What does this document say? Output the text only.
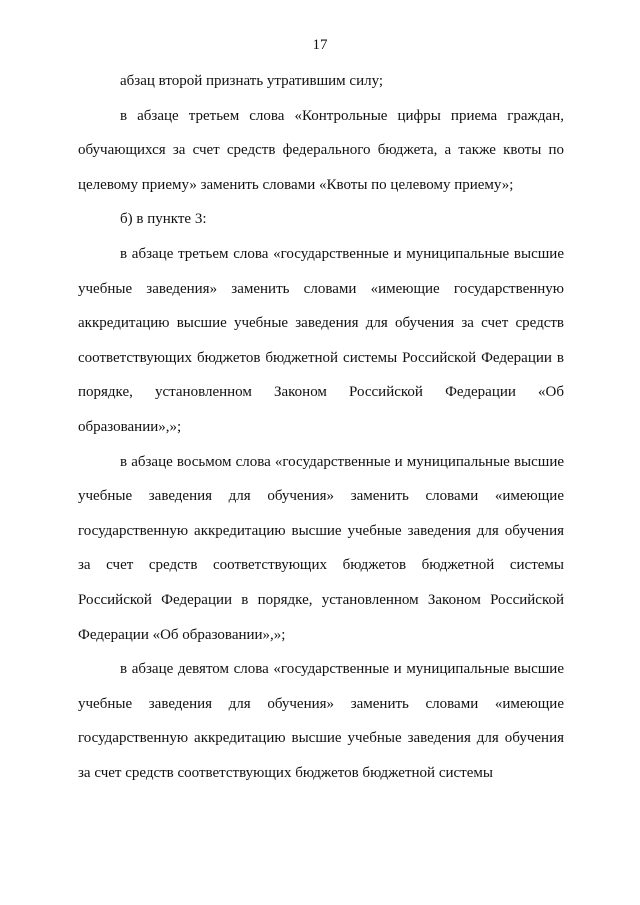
17

абзац второй признать утратившим силу;

в абзаце третьем слова «Контрольные цифры приема граждан, обучающихся за счет средств федерального бюджета, а также квоты по целевому приему» заменить словами «Квоты по целевому приему»;

б) в пункте 3:

в абзаце третьем слова «государственные и муниципальные высшие учебные заведения» заменить словами «имеющие государственную аккредитацию высшие учебные заведения для обучения за счет средств соответствующих бюджетов бюджетной системы Российской Федерации в порядке, установленном Законом Российской Федерации «Об образовании»,»;

в абзаце восьмом слова «государственные и муниципальные высшие учебные заведения для обучения» заменить словами «имеющие государственную аккредитацию высшие учебные заведения для обучения за счет средств соответствующих бюджетов бюджетной системы Российской Федерации в порядке, установленном Законом Российской Федерации «Об образовании»,»;

в абзаце девятом слова «государственные и муниципальные высшие учебные заведения для обучения» заменить словами «имеющие государственную аккредитацию высшие учебные заведения для обучения за счет средств соответствующих бюджетов бюджетной системы
